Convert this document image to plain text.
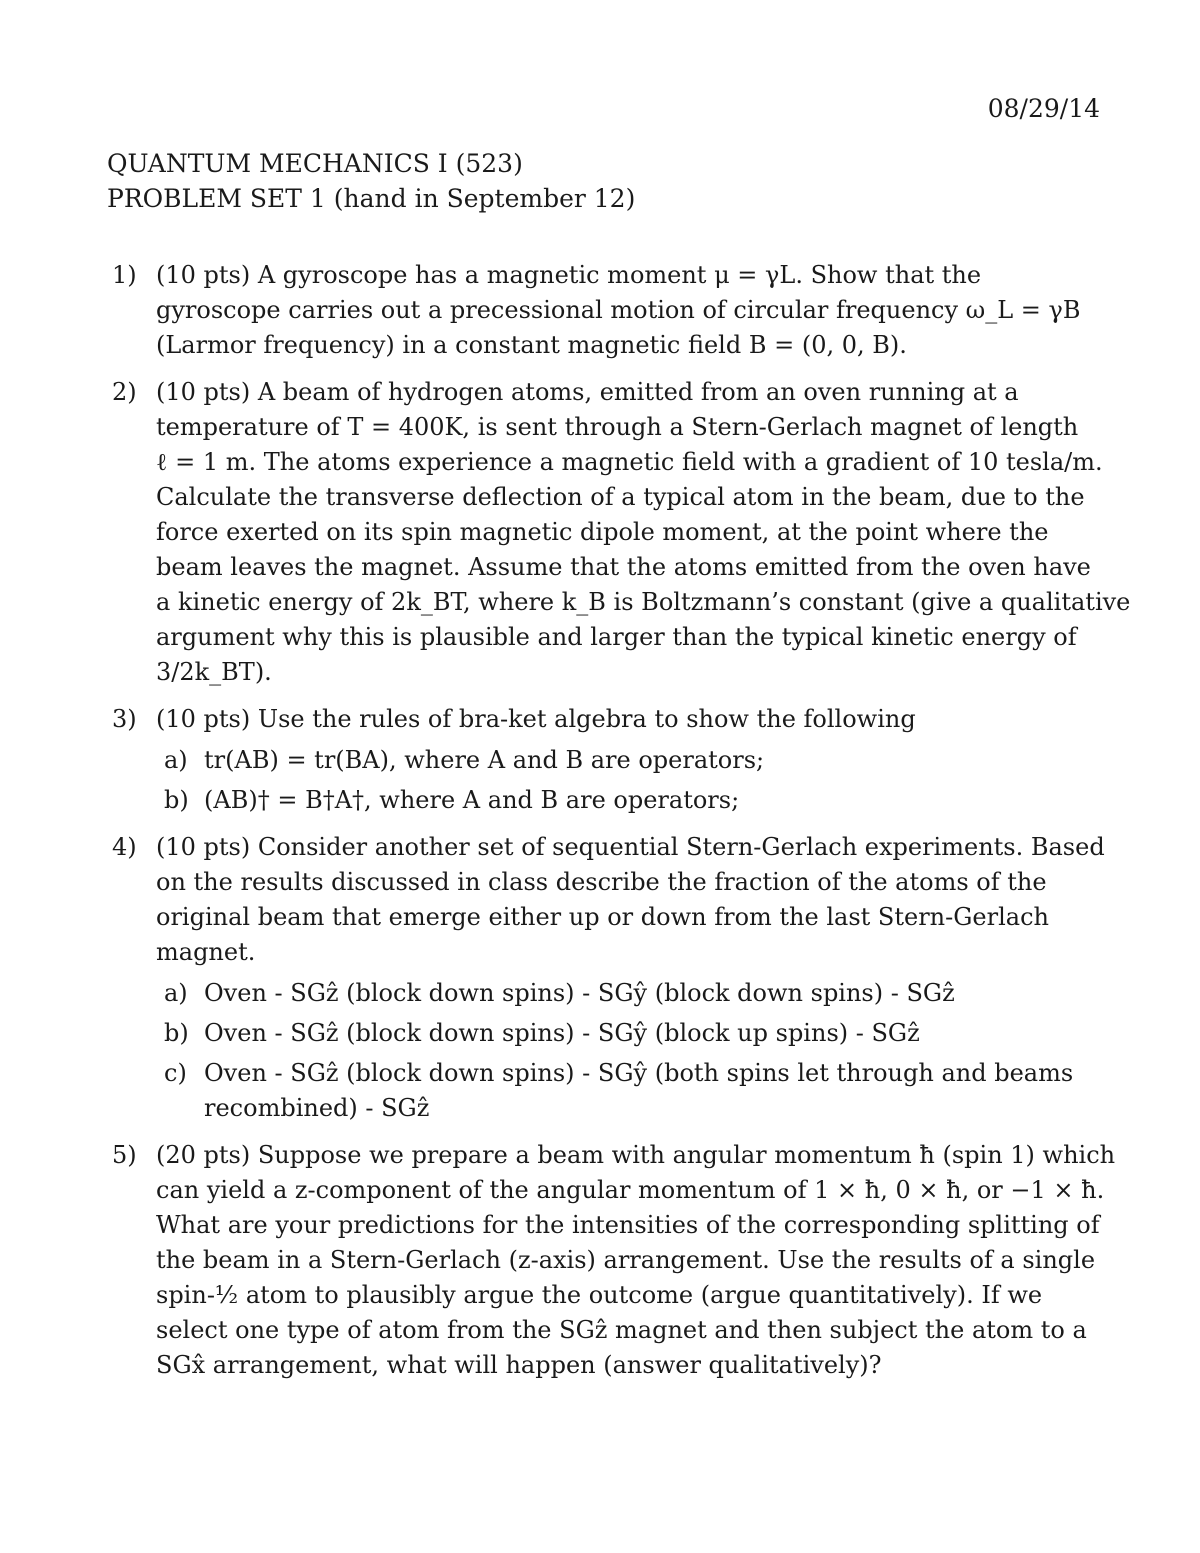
08/29/14
QUANTUM MECHANICS I (523)
PROBLEM SET 1 (hand in September 12)
1) (10 pts) A gyroscope has a magnetic moment μ = γL. Show that the
gyroscope carries out a precessional motion of circular frequency ω_L = γB
(Larmor frequency) in a constant magnetic field B = (0, 0, B).
2) (10 pts) A beam of hydrogen atoms, emitted from an oven running at a
temperature of T = 400K, is sent through a Stern-Gerlach magnet of length
ℓ = 1 m. The atoms experience a magnetic field with a gradient of 10 tesla/m.
Calculate the transverse deflection of a typical atom in the beam, due to the
force exerted on its spin magnetic dipole moment, at the point where the
beam leaves the magnet. Assume that the atoms emitted from the oven have
a kinetic energy of 2k_BT, where k_B is Boltzmann’s constant (give a qualitative
argument why this is plausible and larger than the typical kinetic energy of
3/2k_BT).
3) (10 pts) Use the rules of bra-ket algebra to show the following
a) tr(AB) = tr(BA), where A and B are operators;
b) (AB)† = B†A†, where A and B are operators;
4) (10 pts) Consider another set of sequential Stern-Gerlach experiments. Based
on the results discussed in class describe the fraction of the atoms of the
original beam that emerge either up or down from the last Stern-Gerlach
magnet.
a) Oven - SGẑ (block down spins) - SGŷ (block down spins) - SGẑ
b) Oven - SGẑ (block down spins) - SGŷ (block up spins) - SGẑ
c) Oven - SGẑ (block down spins) - SGŷ (both spins let through and beams
recombined) - SGẑ
5) (20 pts) Suppose we prepare a beam with angular momentum ħ (spin 1) which
can yield a z-component of the angular momentum of 1 × ħ, 0 × ħ, or −1 × ħ.
What are your predictions for the intensities of the corresponding splitting of
the beam in a Stern-Gerlach (z-axis) arrangement. Use the results of a single
spin-½ atom to plausibly argue the outcome (argue quantitatively). If we
select one type of atom from the SGẑ magnet and then subject the atom to a
SGx̂ arrangement, what will happen (answer qualitatively)?
